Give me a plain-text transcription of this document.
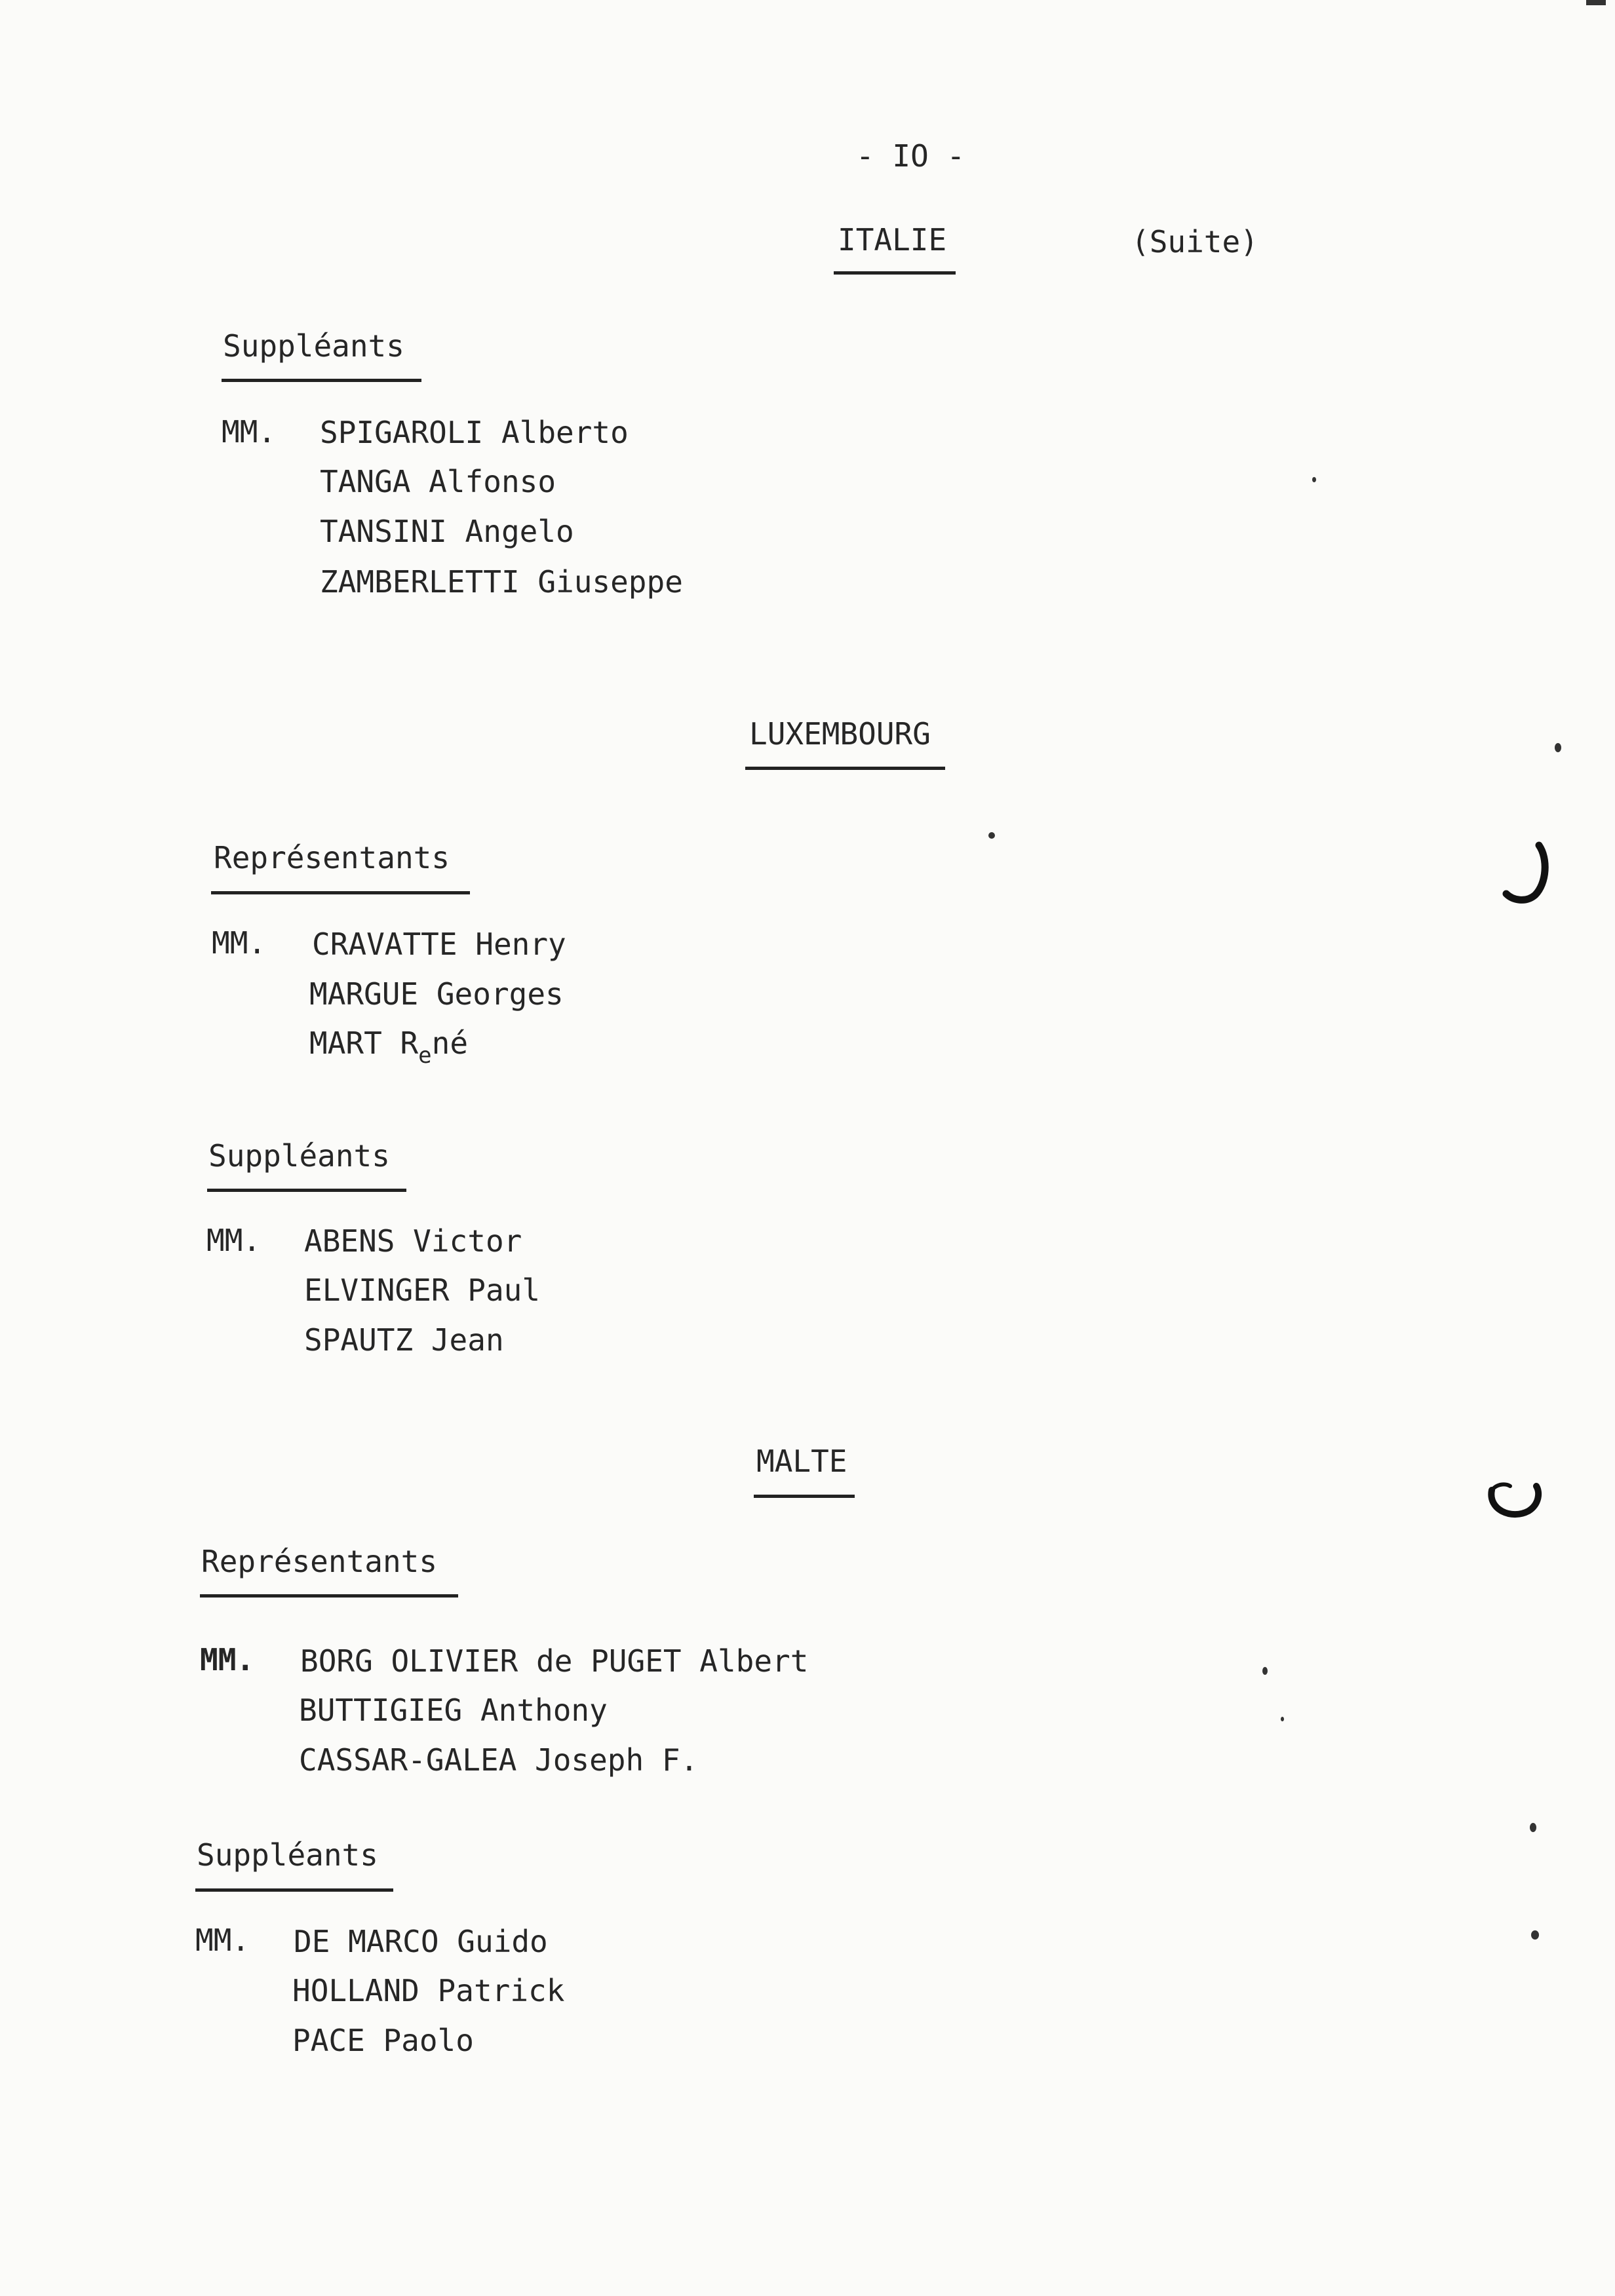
- IO -
ITALIE	(Suite)
Suppléants
MM. SPIGAROLI Alberto
TANGA Alfonso
TANSINI Angelo
ZAMBERLETTI Giuseppe
LUXEMBOURG
Représentants
MM. CRAVATTE Henry
MARGUE Georges
MART $R_ené$
Suppléants
MM. ABENS Victor
ELVINGER Paul
SPAUTZ Jean
MALTE
Représentants
MM. BORG OLIVIER de PUGET Albert
BUTTIGIEG Anthony
CASSAR-GALEA Joseph F.
Suppléants
MM. DE MARCO Guido
HOLLAND Patrick
PACE Paolo
